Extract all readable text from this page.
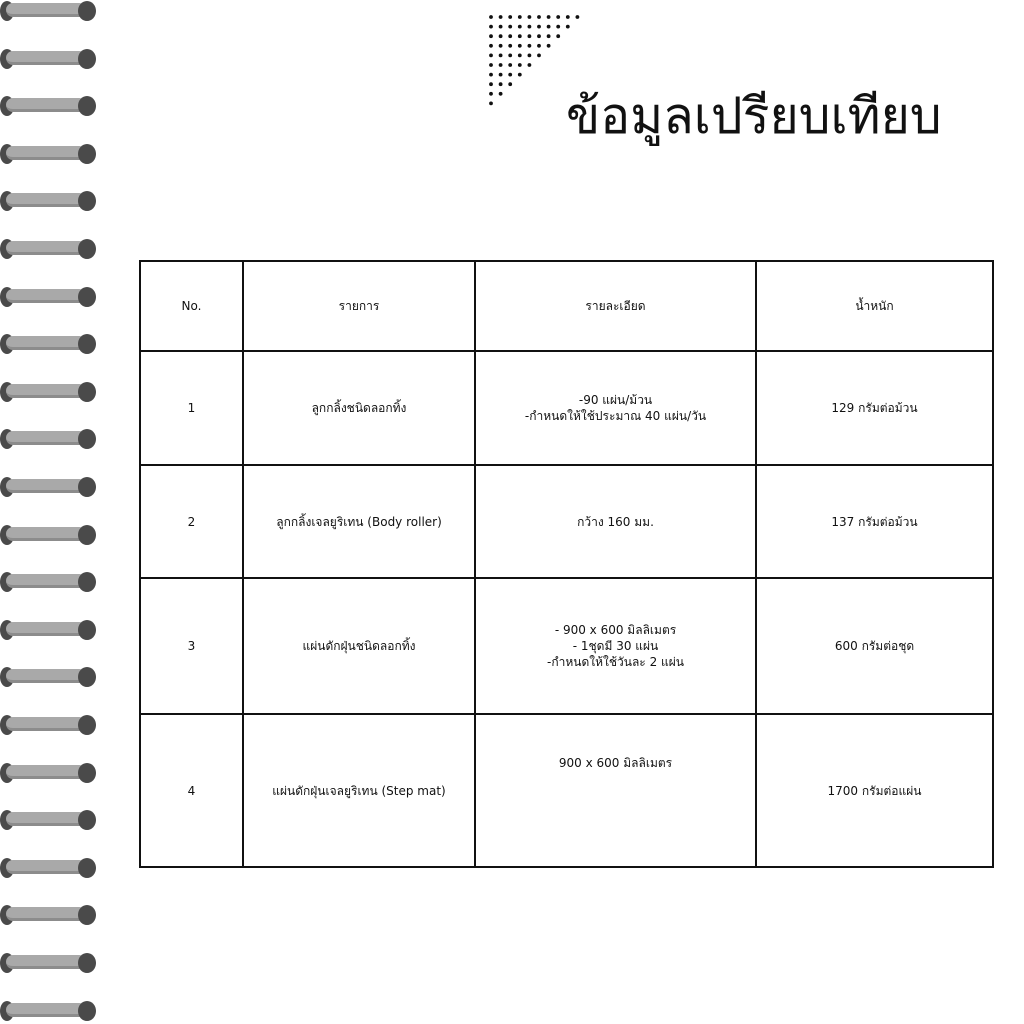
ข้อมูลเปรียบเทียบ
No.	รายการ	รายละเอียด	น้ำหนัก
1	ลูกกลิ้งชนิดลอกทิ้ง	-90 แผ่น/ม้วน
-กำหนดให้ใช้ประมาณ 40 แผ่น/วัน	129 กรัมต่อม้วน
2	ลูกกลิ้งเจลยูริเทน (Body roller)	กว้าง 160 มม.	137 กรัมต่อม้วน
3	แผ่นดักฝุ่นชนิดลอกทิ้ง	- 900 x 600 มิลลิเมตร
- 1ชุดมี 30 แผ่น
-กำหนดให้ใช้วันละ 2 แผ่น	600 กรัมต่อชุด
4	แผ่นดักฝุ่นเจลยูริเทน (Step mat)	900 x 600 มิลลิเมตร	1700 กรัมต่อแผ่น
